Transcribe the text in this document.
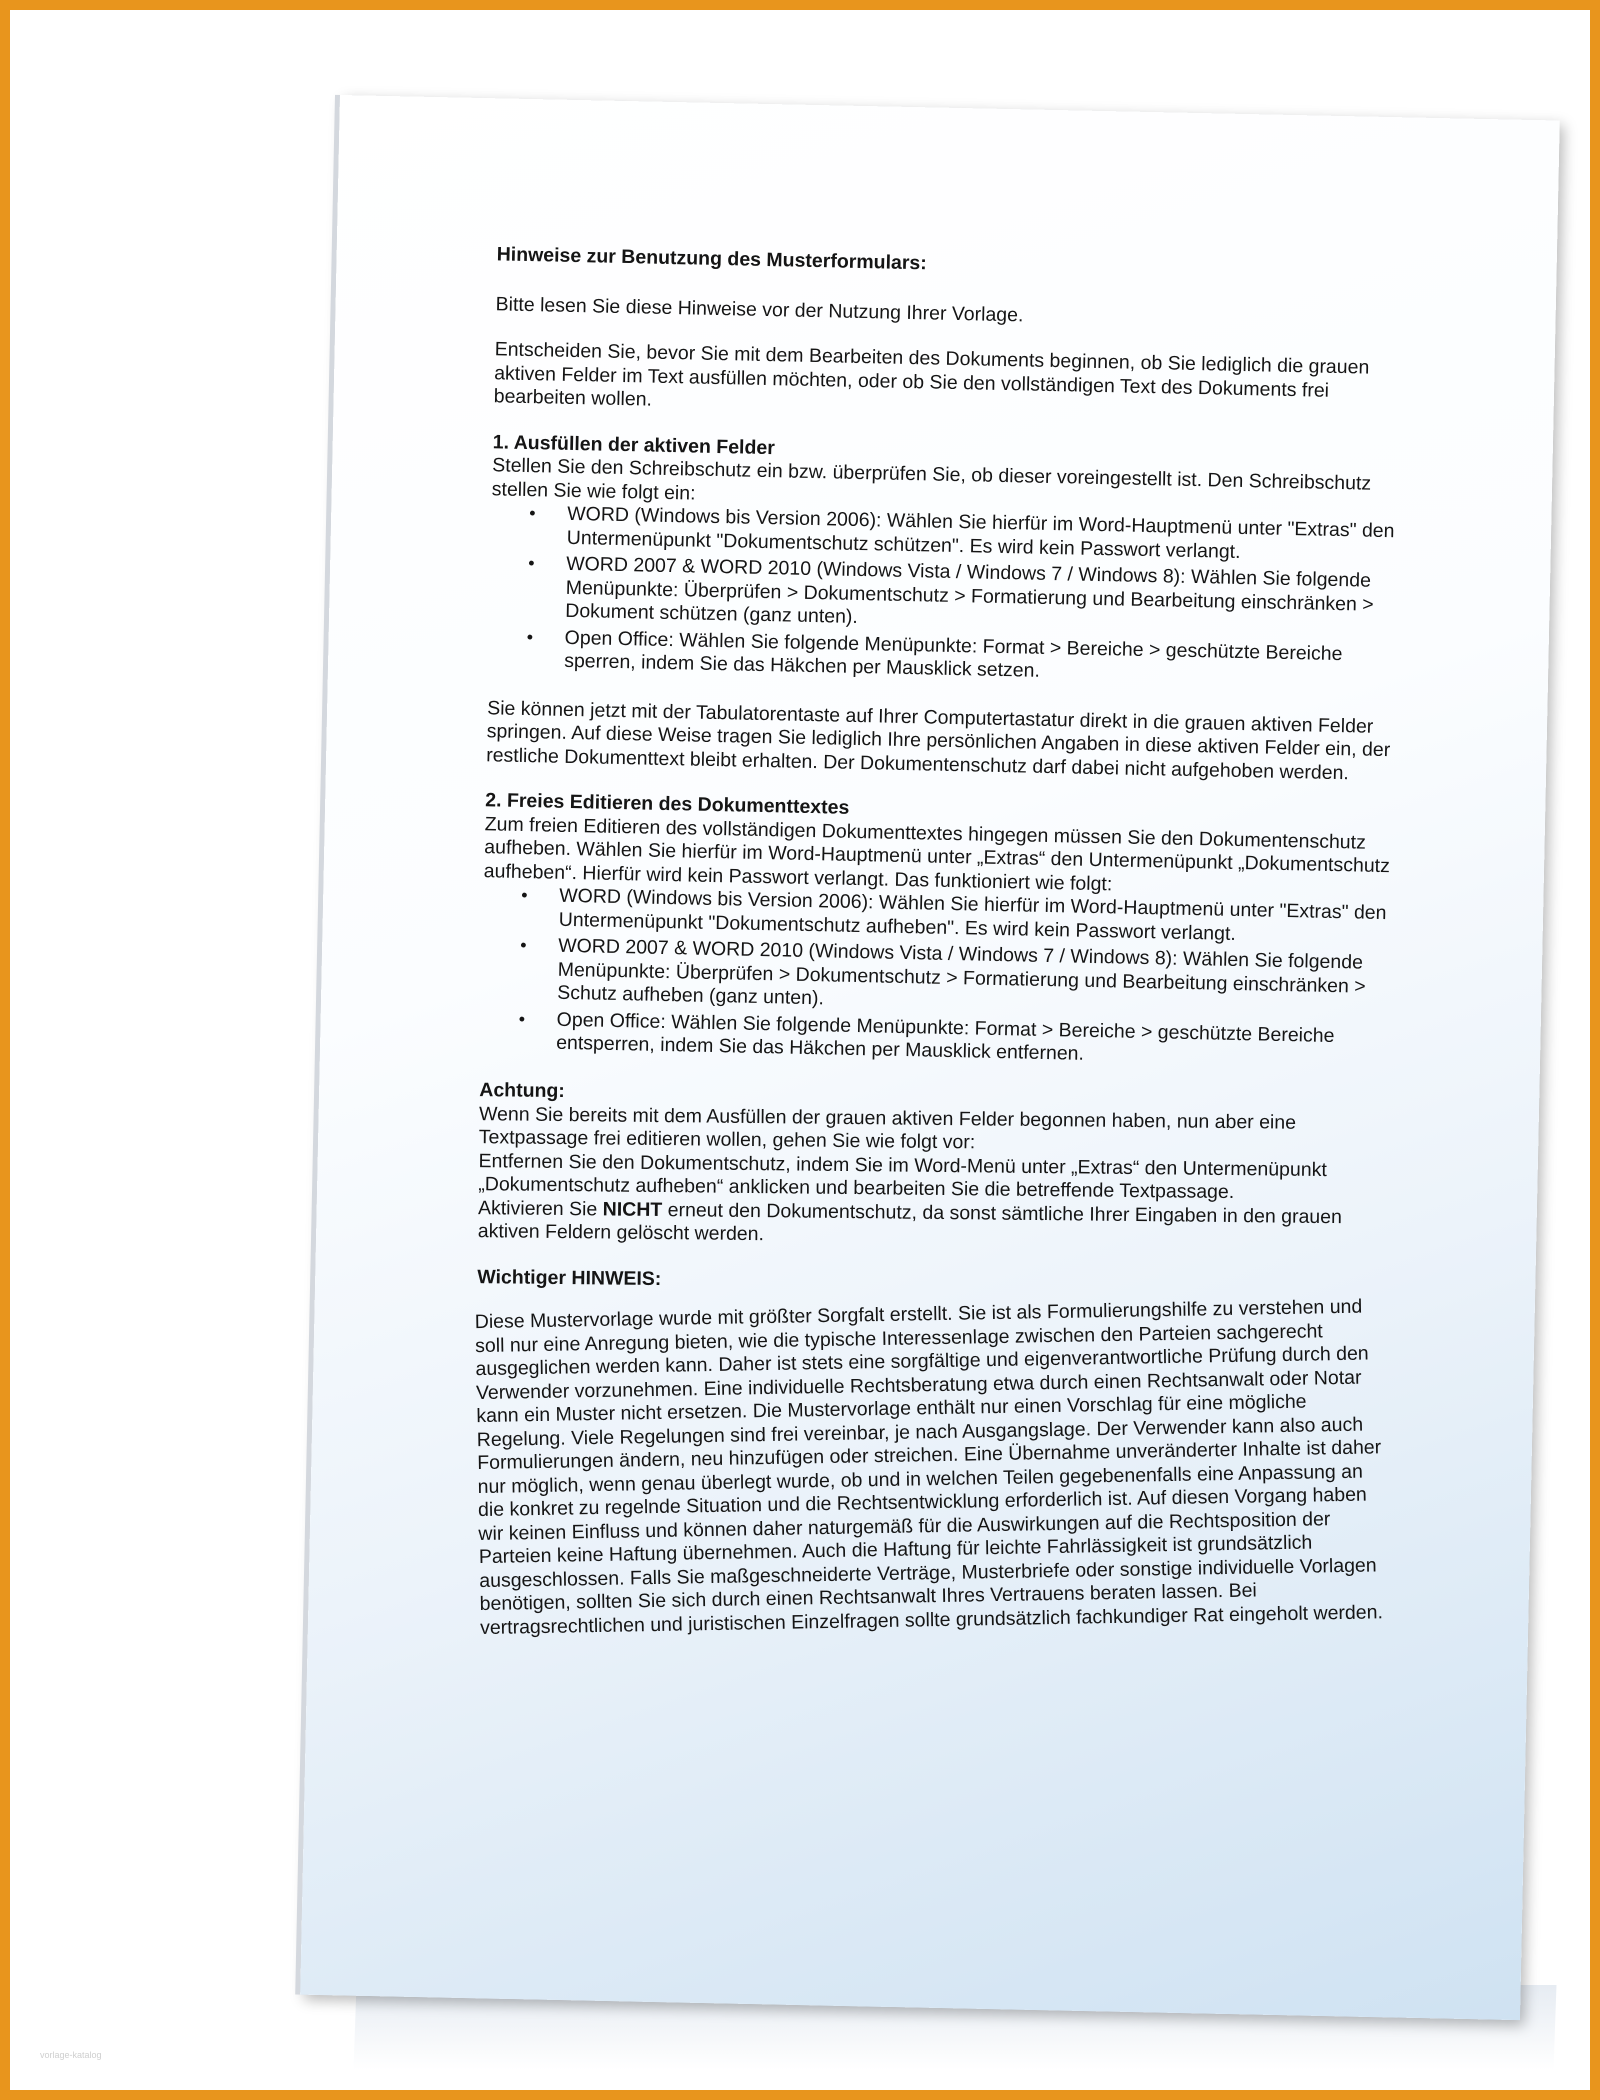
Hinweise zur Benutzung des Musterformulars:

Bitte lesen Sie diese Hinweise vor der Nutzung Ihrer Vorlage.

Entscheiden Sie, bevor Sie mit dem Bearbeiten des Dokuments beginnen, ob Sie lediglich die grauen aktiven Felder im Text ausfüllen möchten, oder ob Sie den vollständigen Text des Dokuments frei bearbeiten wollen.

1. Ausfüllen der aktiven Felder

Stellen Sie den Schreibschutz ein bzw. überprüfen Sie, ob dieser voreingestellt ist. Den Schreibschutz stellen Sie wie folgt ein:

• WORD (Windows bis Version 2006): Wählen Sie hierfür im Word-Hauptmenü unter "Extras" den Untermenüpunkt "Dokumentschutz schützen". Es wird kein Passwort verlangt.
• WORD 2007 & WORD 2010 (Windows Vista / Windows 7 / Windows 8): Wählen Sie folgende Menüpunkte: Überprüfen > Dokumentschutz > Formatierung und Bearbeitung einschränken > Dokument schützen (ganz unten).
• Open Office: Wählen Sie folgende Menüpunkte: Format > Bereiche > geschützte Bereiche sperren, indem Sie das Häkchen per Mausklick setzen.

Sie können jetzt mit der Tabulatorentaste auf Ihrer Computertastatur direkt in die grauen aktiven Felder springen. Auf diese Weise tragen Sie lediglich Ihre persönlichen Angaben in diese aktiven Felder ein, der restliche Dokumenttext bleibt erhalten. Der Dokumentenschutz darf dabei nicht aufgehoben werden.

2. Freies Editieren des Dokumenttextes

Zum freien Editieren des vollständigen Dokumenttextes hingegen müssen Sie den Dokumentenschutz aufheben. Wählen Sie hierfür im Word-Hauptmenü unter „Extras“ den Untermenüpunkt „Dokumentschutz aufheben“. Hierfür wird kein Passwort verlangt. Das funktioniert wie folgt:

• WORD (Windows bis Version 2006): Wählen Sie hierfür im Word-Hauptmenü unter "Extras" den Untermenüpunkt "Dokumentschutz aufheben". Es wird kein Passwort verlangt.
• WORD 2007 & WORD 2010 (Windows Vista / Windows 7 / Windows 8): Wählen Sie folgende Menüpunkte: Überprüfen > Dokumentschutz > Formatierung und Bearbeitung einschränken > Schutz aufheben (ganz unten).
• Open Office: Wählen Sie folgende Menüpunkte: Format > Bereiche > geschützte Bereiche entsperren, indem Sie das Häkchen per Mausklick entfernen.
Achtung:

Wenn Sie bereits mit dem Ausfüllen der grauen aktiven Felder begonnen haben, nun aber eine Textpassage frei editieren wollen, gehen Sie wie folgt vor:

Entfernen Sie den Dokumentschutz, indem Sie im Word-Menü unter „Extras“ den Untermenüpunkt „Dokumentschutz aufheben“ anklicken und bearbeiten Sie die betreffende Textpassage.

Aktivieren Sie NICHT erneut den Dokumentschutz, da sonst sämtliche Ihrer Eingaben in den grauen aktiven Feldern gelöscht werden.

Wichtiger HINWEIS:

Diese Mustervorlage wurde mit größter Sorgfalt erstellt. Sie ist als Formulierungshilfe zu verstehen und soll nur eine Anregung bieten, wie die typische Interessenlage zwischen den Parteien sachgerecht ausgeglichen werden kann. Daher ist stets eine sorgfältige und eigenverantwortliche Prüfung durch den Verwender vorzunehmen. Eine individuelle Rechtsberatung etwa durch einen Rechtsanwalt oder Notar kann ein Muster nicht ersetzen. Die Mustervorlage enthält nur einen Vorschlag für eine mögliche Regelung. Viele Regelungen sind frei vereinbar, je nach Ausgangslage. Der Verwender kann also auch Formulierungen ändern, neu hinzufügen oder streichen. Eine Übernahme unveränderter Inhalte ist daher nur möglich, wenn genau überlegt wurde, ob und in welchen Teilen gegebenenfalls eine Anpassung an die konkret zu regelnde Situation und die Rechtsentwicklung erforderlich ist. Auf diesen Vorgang haben wir keinen Einfluss und können daher naturgemäß für die Auswirkungen auf die Rechtsposition der Parteien keine Haftung übernehmen. Auch die Haftung für leichte Fahrlässigkeit ist grundsätzlich ausgeschlossen. Falls Sie maßgeschneiderte Verträge, Musterbriefe oder sonstige individuelle Vorlagen benötigen, sollten Sie sich durch einen Rechtsanwalt Ihres Vertrauens beraten lassen. Bei vertragsrechtlichen und juristischen Einzelfragen sollte grundsätzlich fachkundiger Rat eingeholt werden.

vorlage-katalog
